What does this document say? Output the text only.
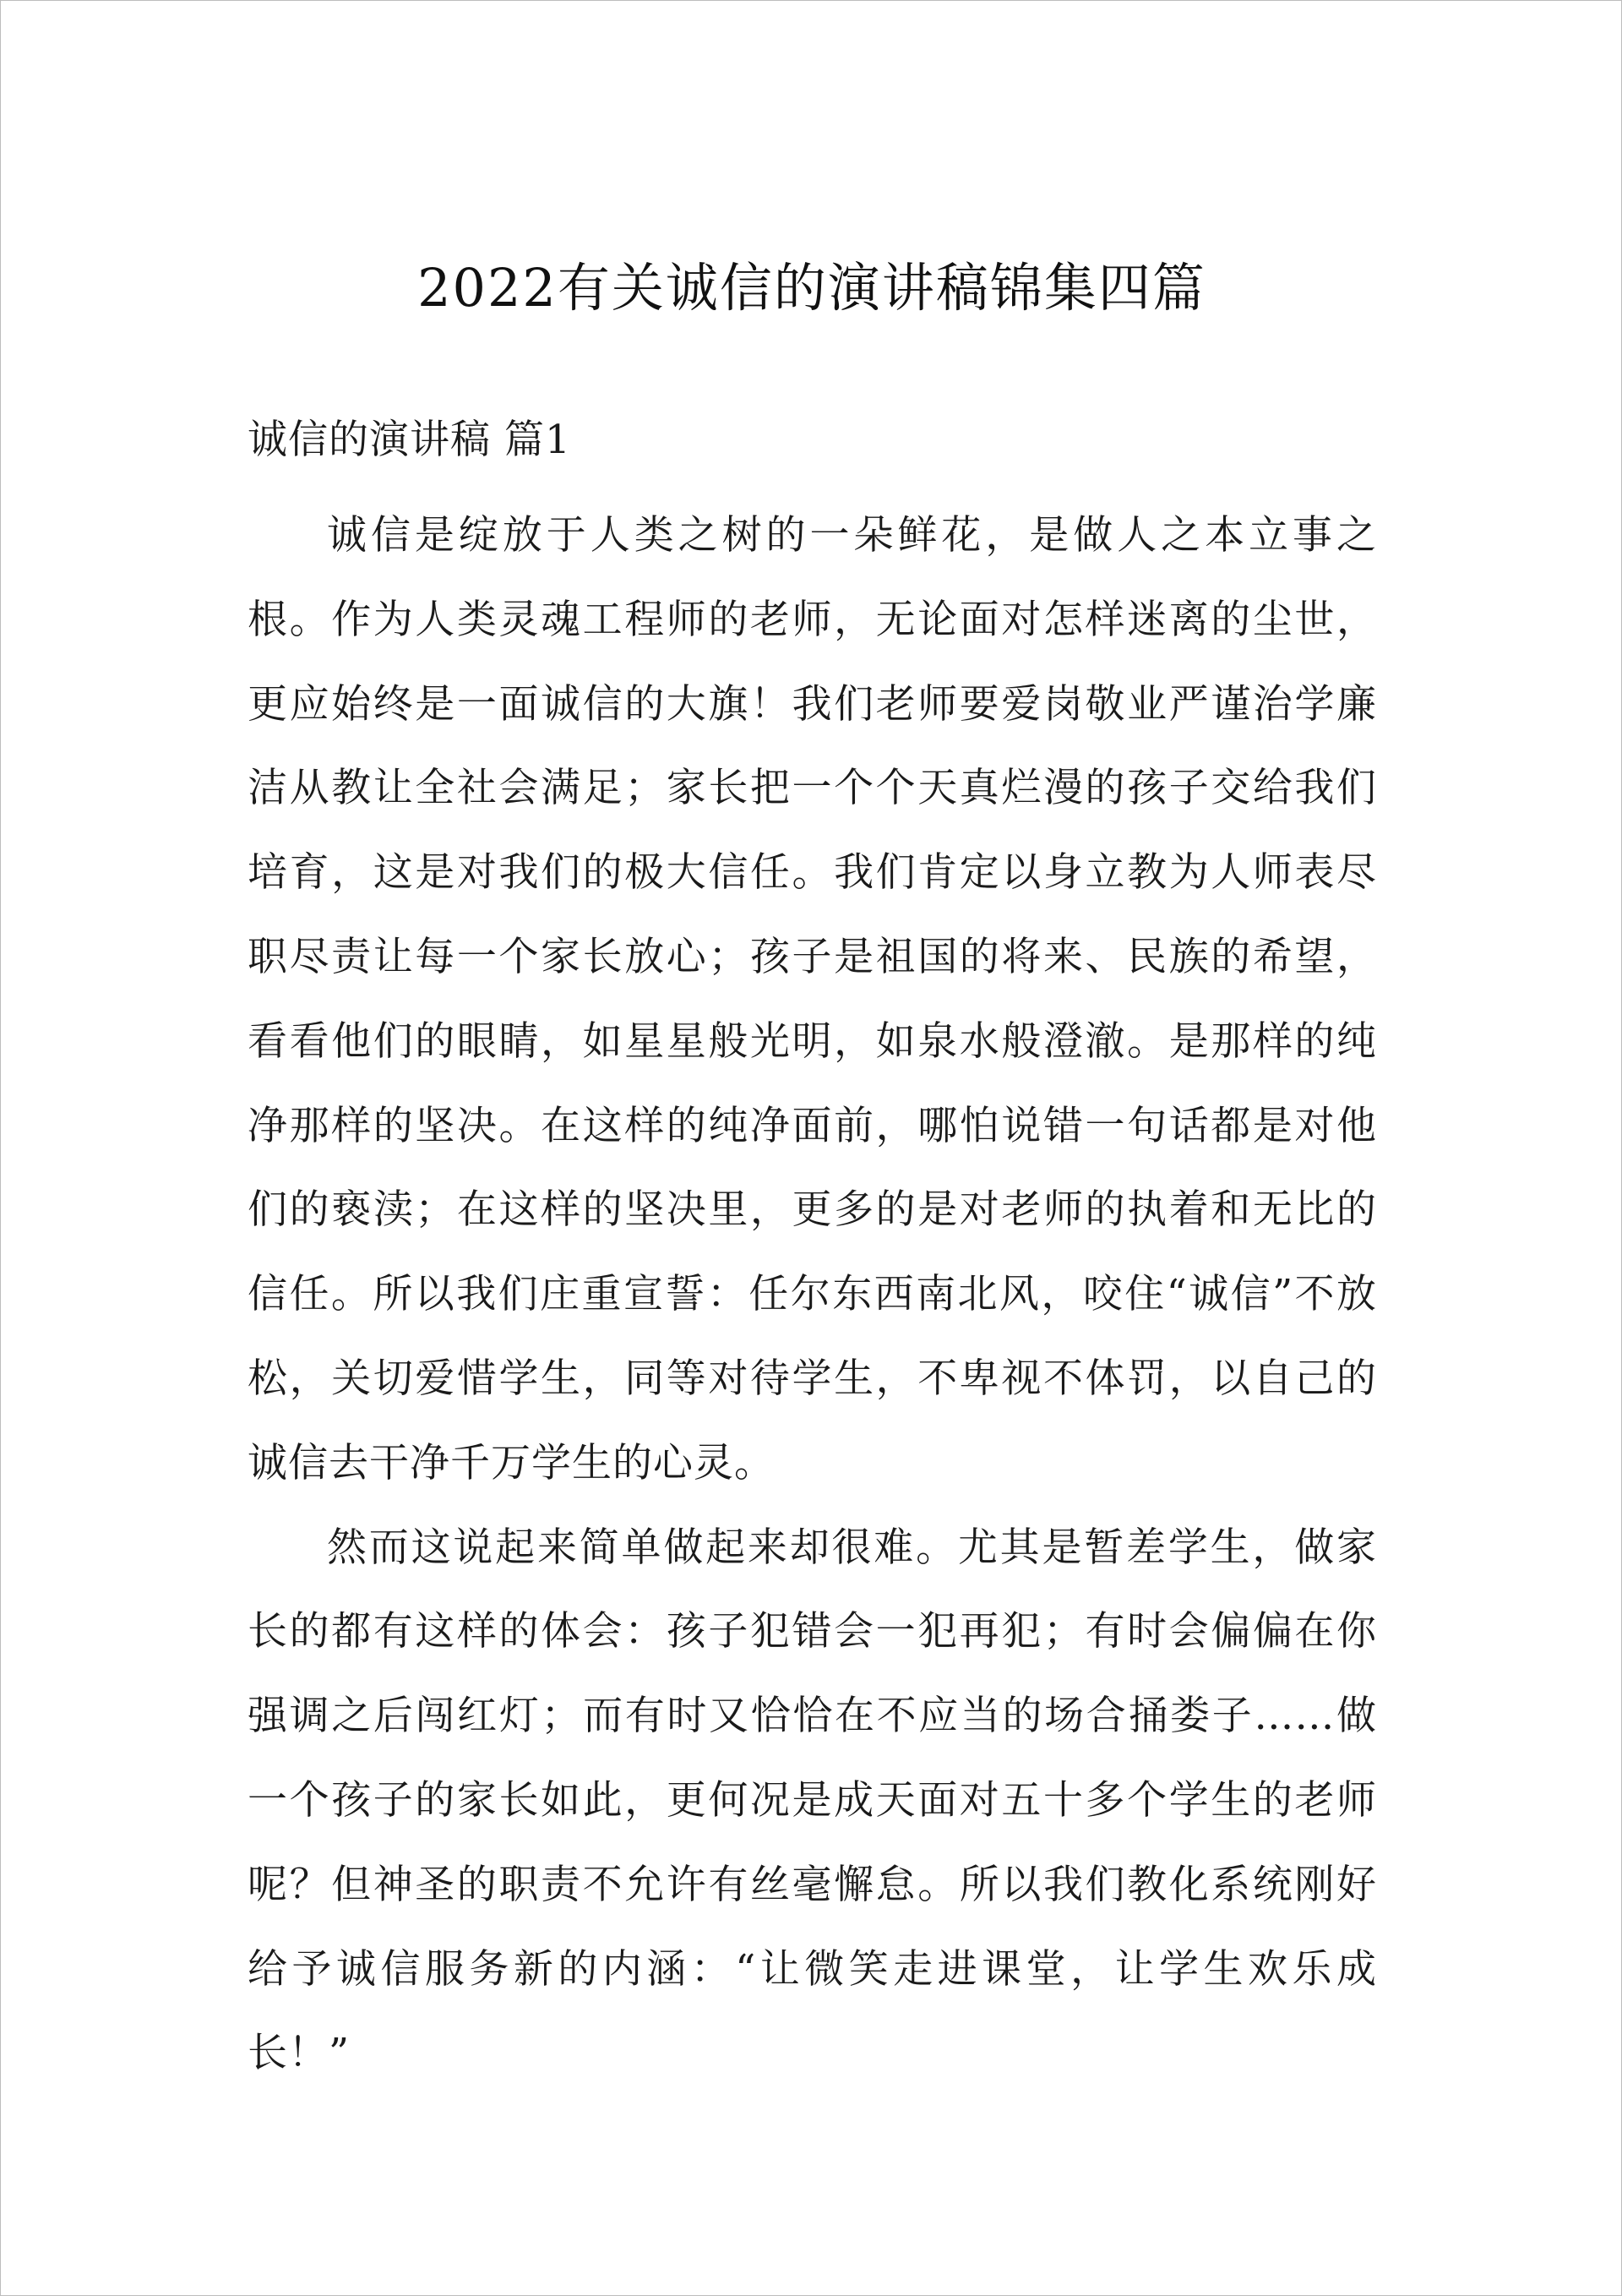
2022有关诚信的演讲稿锦集四篇

诚信的演讲稿 篇1

诚信是绽放于人类之树的一朵鲜花，是做人之本立事之根。作为人类灵魂工程师的老师，无论面对怎样迷离的尘世，更应始终是一面诚信的大旗！我们老师要爱岗敬业严谨治学廉洁从教让全社会满足；家长把一个个天真烂漫的孩子交给我们培育，这是对我们的极大信任。我们肯定以身立教为人师表尽职尽责让每一个家长放心；孩子是祖国的将来、民族的希望，看看他们的眼睛，如星星般光明，如泉水般澄澈。是那样的纯净那样的坚决。在这样的纯净面前，哪怕说错一句话都是对他们的亵渎；在这样的坚决里，更多的是对老师的执着和无比的信任。所以我们庄重宣誓：任尔东西南北风，咬住“诚信”不放松，关切爱惜学生，同等对待学生，不卑视不体罚，以自己的诚信去干净千万学生的心灵。

然而这说起来简单做起来却很难。尤其是暂差学生，做家长的都有这样的体会：孩子犯错会一犯再犯；有时会偏偏在你强调之后闯红灯；而有时又恰恰在不应当的场合捅娄子……做一个孩子的家长如此，更何况是成天面对五十多个学生的老师呢？但神圣的职责不允许有丝毫懈怠。所以我们教化系统刚好给予诚信服务新的内涵：“让微笑走进课堂，让学生欢乐成长！”
